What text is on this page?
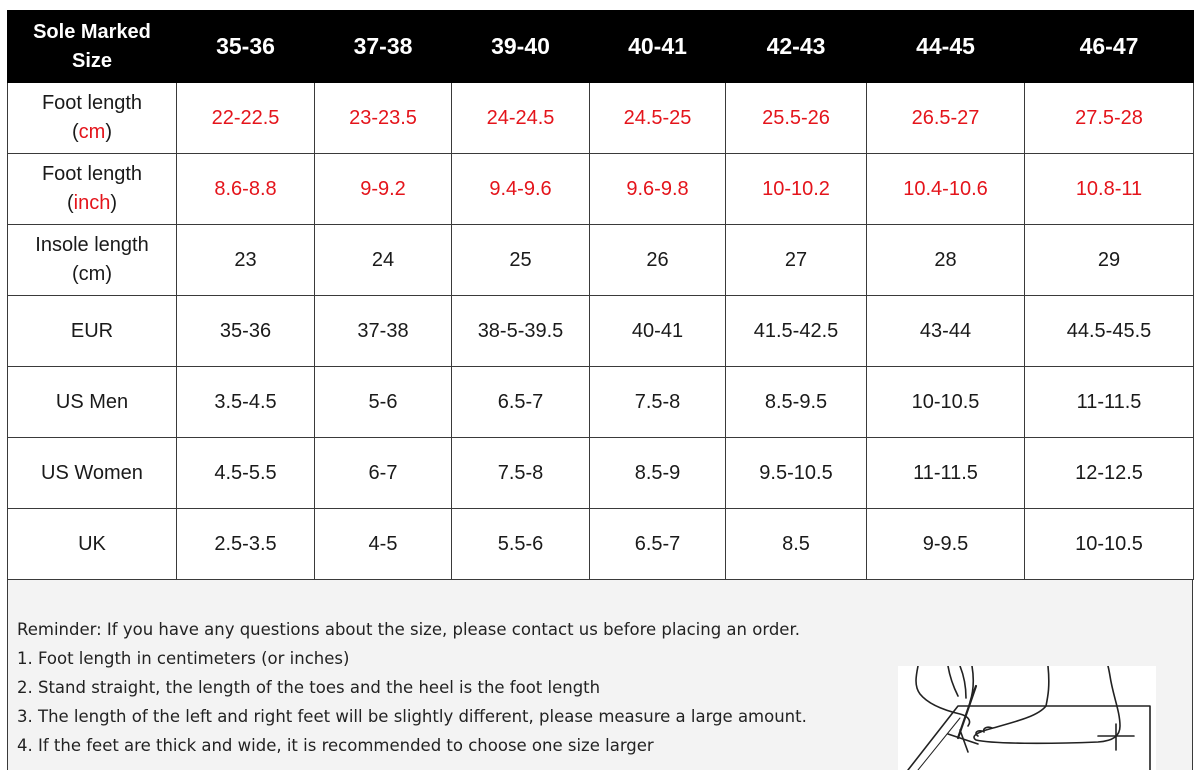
Sole Marked
Size	35-36	37-38	39-40	40-41	42-43	44-45	46-47
Foot length
(cm)	22-22.5	23-23.5	24-24.5	24.5-25	25.5-26	26.5-27	27.5-28
Foot length
(inch)	8.6-8.8	9-9.2	9.4-9.6	9.6-9.8	10-10.2	10.4-10.6	10.8-11
Insole length
(cm)	23	24	25	26	27	28	29
EUR	35-36	37-38	38-5-39.5	40-41	41.5-42.5	43-44	44.5-45.5
US Men	3.5-4.5	5-6	6.5-7	7.5-8	8.5-9.5	10-10.5	11-11.5
US Women	4.5-5.5	6-7	7.5-8	8.5-9	9.5-10.5	11-11.5	12-12.5
UK	2.5-3.5	4-5	5.5-6	6.5-7	8.5	9-9.5	10-10.5
Reminder: If you have any questions about the size, please contact us before placing an order.
1. Foot length in centimeters (or inches)
2. Stand straight, the length of the toes and the heel is the foot length
3. The length of the left and right feet will be slightly different, please measure a large amount.
4. If the feet are thick and wide, it is recommended to choose one size larger
